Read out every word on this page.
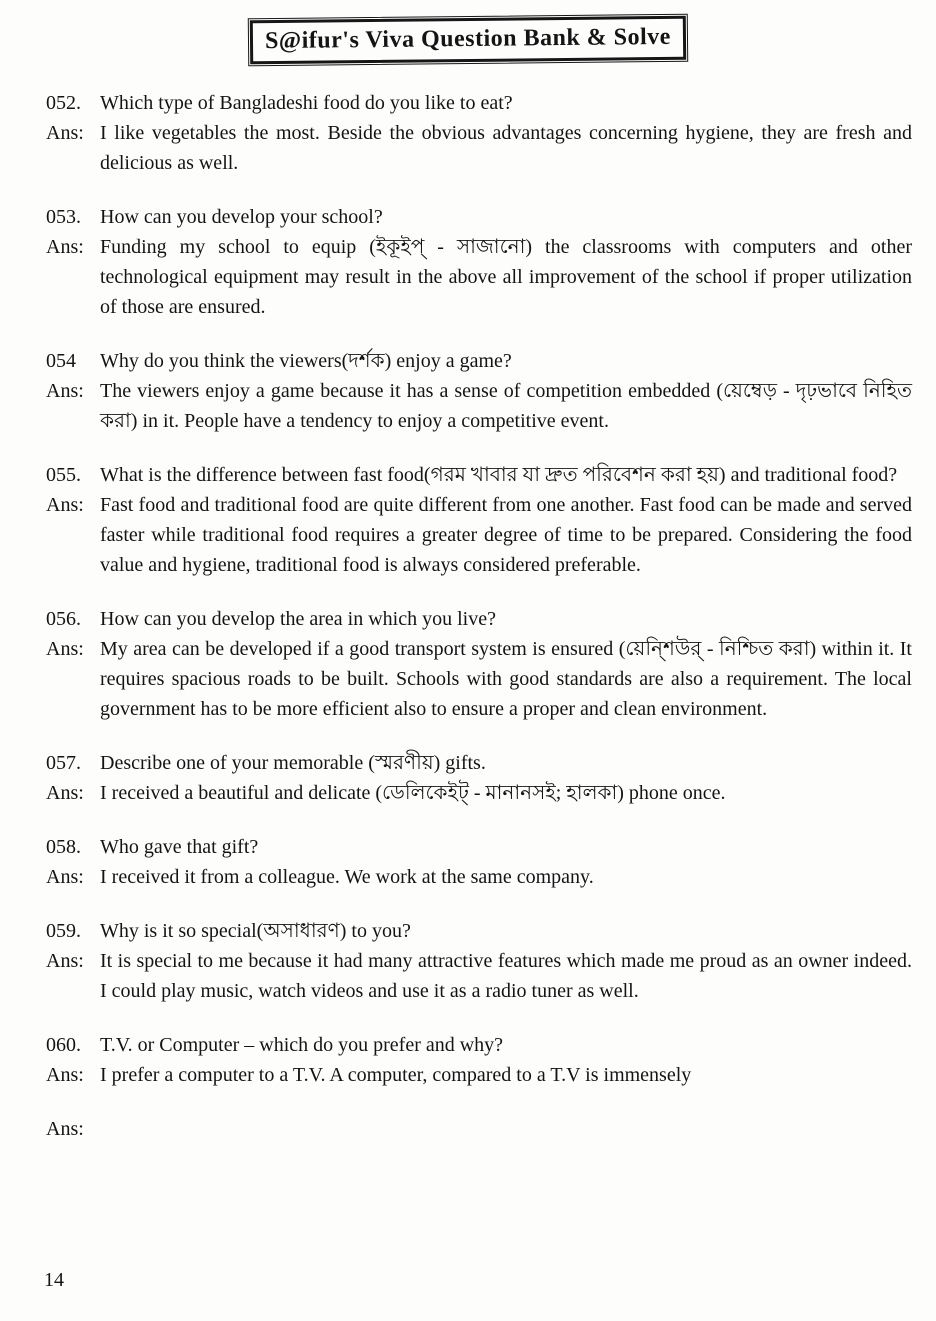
S@ifur's Viva Question Bank & Solve
052. Which type of Bangladeshi food do you like to eat?
Ans: I like vegetables the most. Beside the obvious advantages concerning hygiene, they are fresh and delicious as well.
053. How can you develop your school?
Ans: Funding my school to equip (ইকূইপ্ - সাজানো) the classrooms with computers and other technological equipment may result in the above all improvement of the school if proper utilization of those are ensured.
054	Why do you think the viewers(দর্শক) enjoy a game?
Ans: The viewers enjoy a game because it has a sense of competition embedded (য়েম্বেড় - দৃঢ়ভাবে নিহিত করা) in it. People have a tendency to enjoy a competitive event.
055. What is the difference between fast food(গরম খাবার যা দ্রুত পরিবেশন করা হয়) and traditional food?
Ans: Fast food and traditional food are quite different from one another. Fast food can be made and served faster while traditional food requires a greater degree of time to be prepared. Considering the food value and hygiene, traditional food is always considered preferable.
056. How can you develop the area in which you live?
Ans: My area can be developed if a good transport system is ensured (য়েন্শিউর্ - নিশ্চিত করা) within it. It requires spacious roads to be built. Schools with good standards are also a requirement. The local government has to be more efficient also to ensure a proper and clean environment.
057. Describe one of your memorable (স্মরণীয়) gifts.
Ans: I received a beautiful and delicate (ডেলিকেইট্ - মানানসই; হালকা) phone once.
058. Who gave that gift?
Ans: I received it from a colleague. We work at the same company.
059. Why is it so special(অসাধারণ) to you?
Ans: It is special to me because it had many attractive features which made me proud as an owner indeed. I could play music, watch videos and use it as a radio tuner as well.
060. T.V. or Computer – which do you prefer and why?
Ans: I prefer a computer to a T.V. A computer, compared to a T.V is immensely
Ans:
14
